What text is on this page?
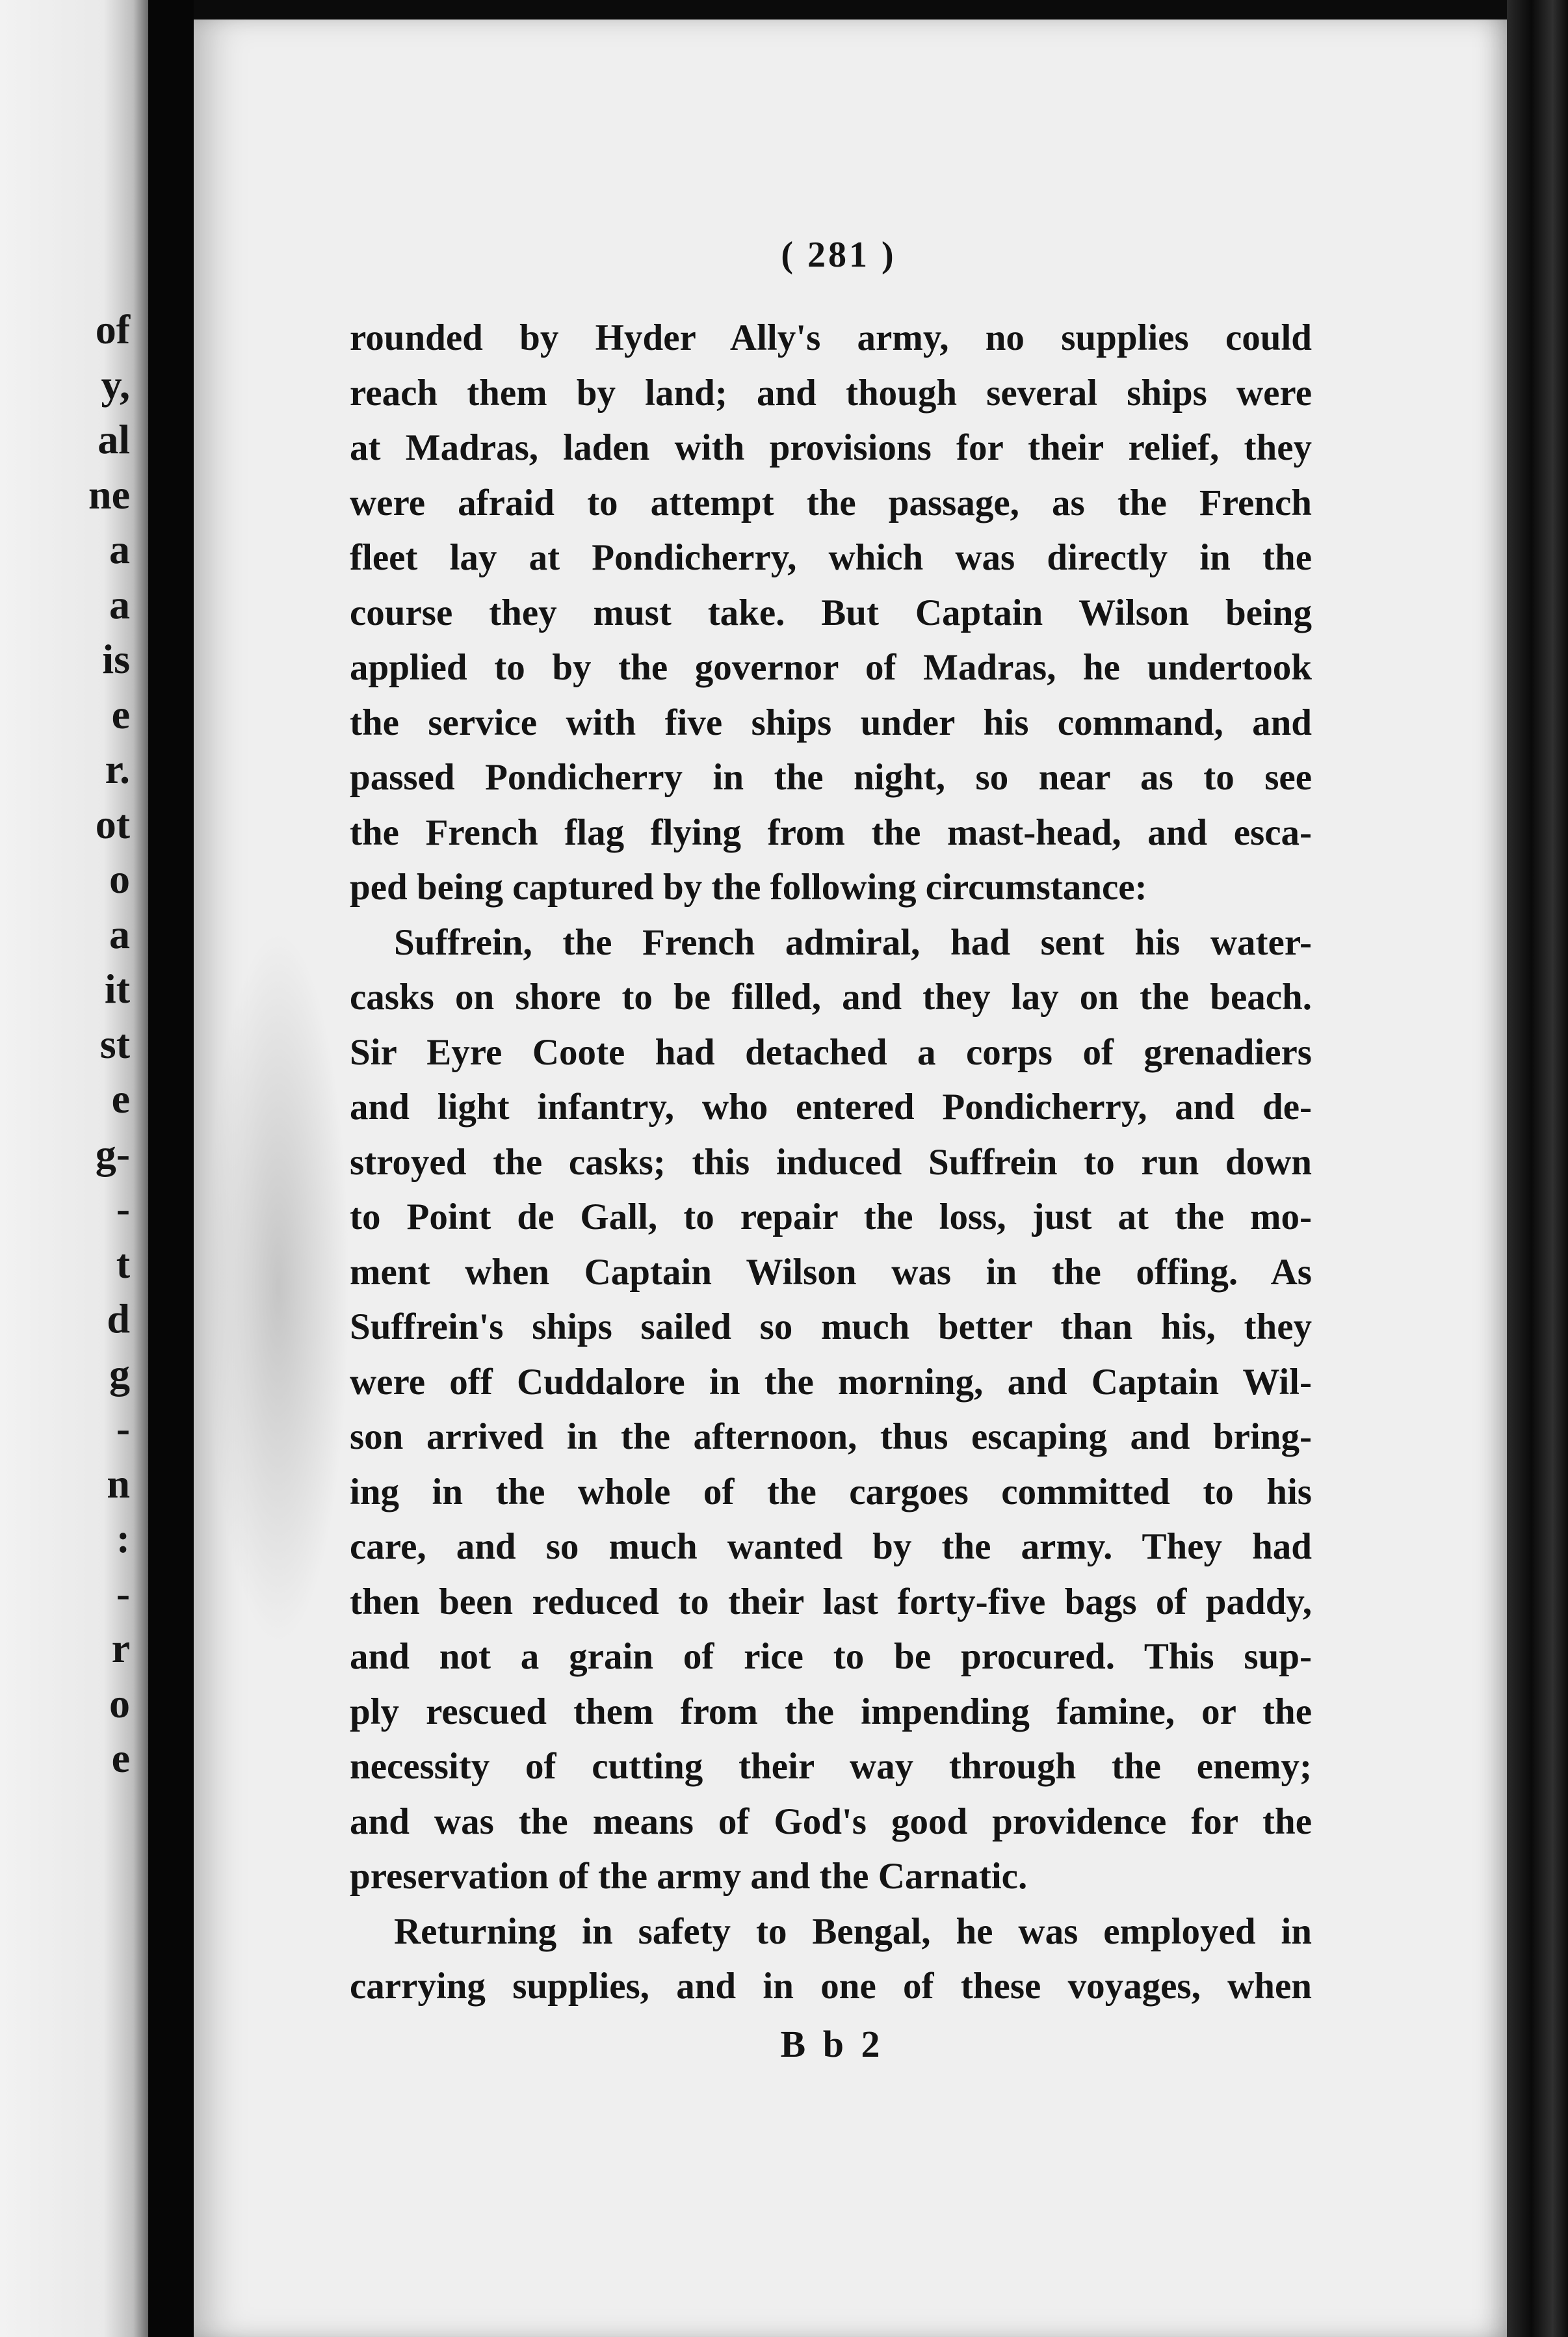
of
y,
al
ne
a
a
is
e
r.
ot
o
a
it
st
e
g-
-
t
d
g
-
n
:
-
r
o
e
( 281 )
rounded by Hyder Ally's army, no supplies could
reach them by land; and though several ships were
at Madras, laden with provisions for their relief, they
were afraid to attempt the passage, as the French
fleet lay at Pondicherry, which was directly in the
course they must take. But Captain Wilson being
applied to by the governor of Madras, he undertook
the service with five ships under his command, and
passed Pondicherry in the night, so near as to see
the French flag flying from the mast-head, and esca-
ped being captured by the following circumstance:
Suffrein, the French admiral, had sent his water-
casks on shore to be filled, and they lay on the beach.
Sir Eyre Coote had detached a corps of grenadiers
and light infantry, who entered Pondicherry, and de-
stroyed the casks; this induced Suffrein to run down
to Point de Gall, to repair the loss, just at the mo-
ment when Captain Wilson was in the offing. As
Suffrein's ships sailed so much better than his, they
were off Cuddalore in the morning, and Captain Wil-
son arrived in the afternoon, thus escaping and bring-
ing in the whole of the cargoes committed to his
care, and so much wanted by the army. They had
then been reduced to their last forty-five bags of paddy,
and not a grain of rice to be procured. This sup-
ply rescued them from the impending famine, or the
necessity of cutting their way through the enemy;
and was the means of God's good providence for the
preservation of the army and the Carnatic.
Returning in safety to Bengal, he was employed in
carrying supplies, and in one of these voyages, when
B b 2
